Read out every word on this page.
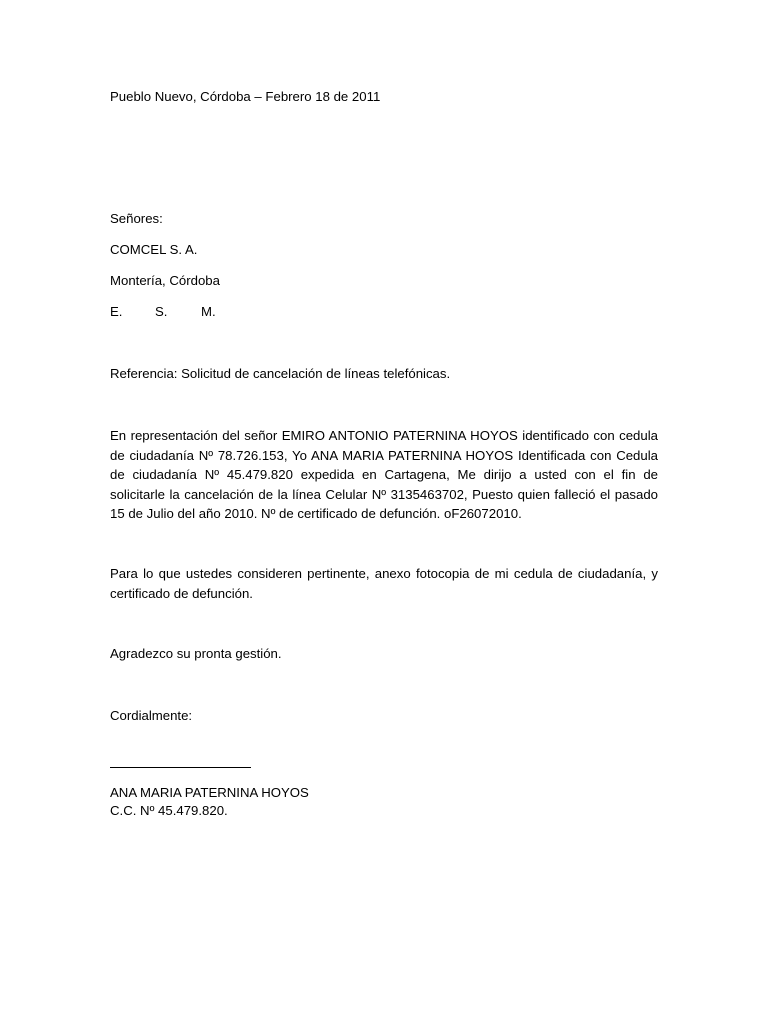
Pueblo Nuevo, Córdoba – Febrero 18 de 2011
Señores:
COMCEL S. A.
Montería, Córdoba
E. S.	M.
Referencia: Solicitud de cancelación de líneas telefónicas.
En representación del señor EMIRO ANTONIO PATERNINA HOYOS identificado con cedula de ciudadanía Nº 78.726.153, Yo ANA MARIA PATERNINA HOYOS Identificada con Cedula de ciudadanía Nº 45.479.820 expedida en Cartagena, Me dirijo a usted con el fin de solicitarle la cancelación de la línea Celular Nº 3135463702, Puesto quien falleció el pasado 15 de Julio del año 2010. Nº de certificado de defunción. oF26072010.
Para lo que ustedes consideren pertinente, anexo fotocopia de mi cedula de ciudadanía, y certificado de defunción.
Agradezco su pronta gestión.
Cordialmente:
ANA MARIA PATERNINA HOYOS
C.C. Nº 45.479.820.
